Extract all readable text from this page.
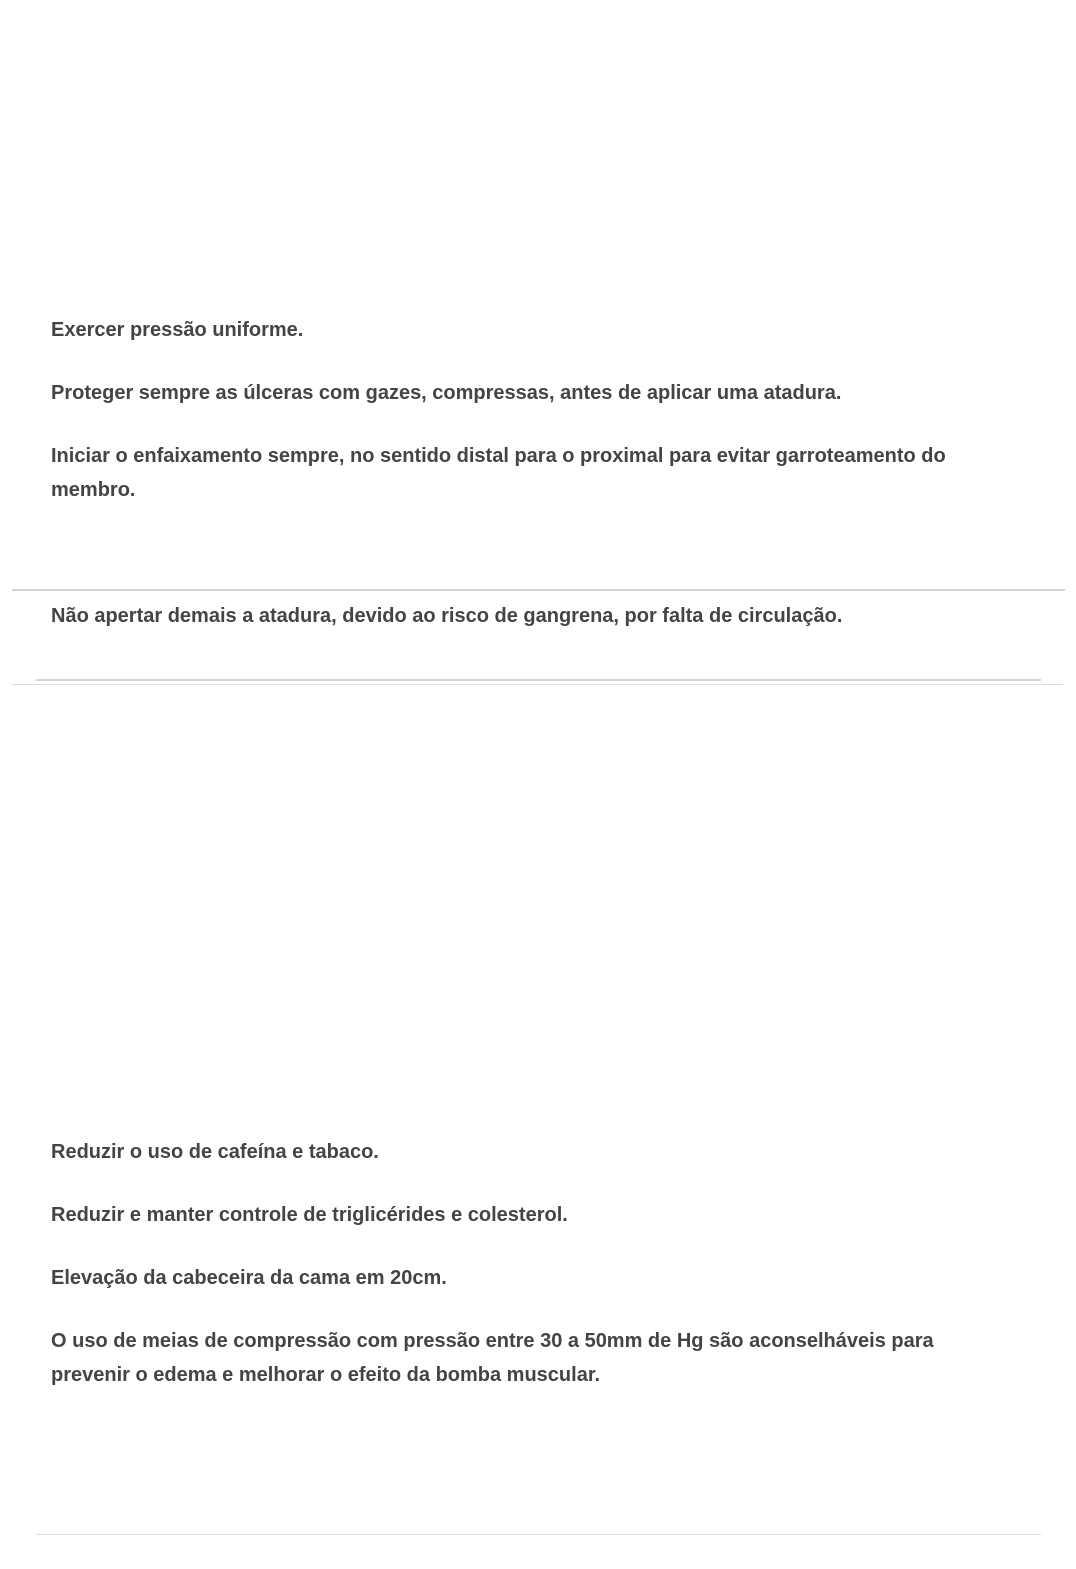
Exercer pressão uniforme.

Proteger sempre as úlceras com gazes, compressas, antes de aplicar uma atadura.

Iniciar o enfaixamento sempre, no sentido distal para o proximal para evitar garroteamento do membro.

Não apertar demais a atadura, devido ao risco de gangrena, por falta de circulação.

Reduzir o uso de cafeína e tabaco.

Reduzir e manter controle de triglicérides e colesterol.

Elevação da cabeceira da cama em 20cm.

O uso de meias de compressão com pressão entre 30 a 50mm de Hg são aconselháveis para prevenir o edema e melhorar o efeito da bomba muscular.
